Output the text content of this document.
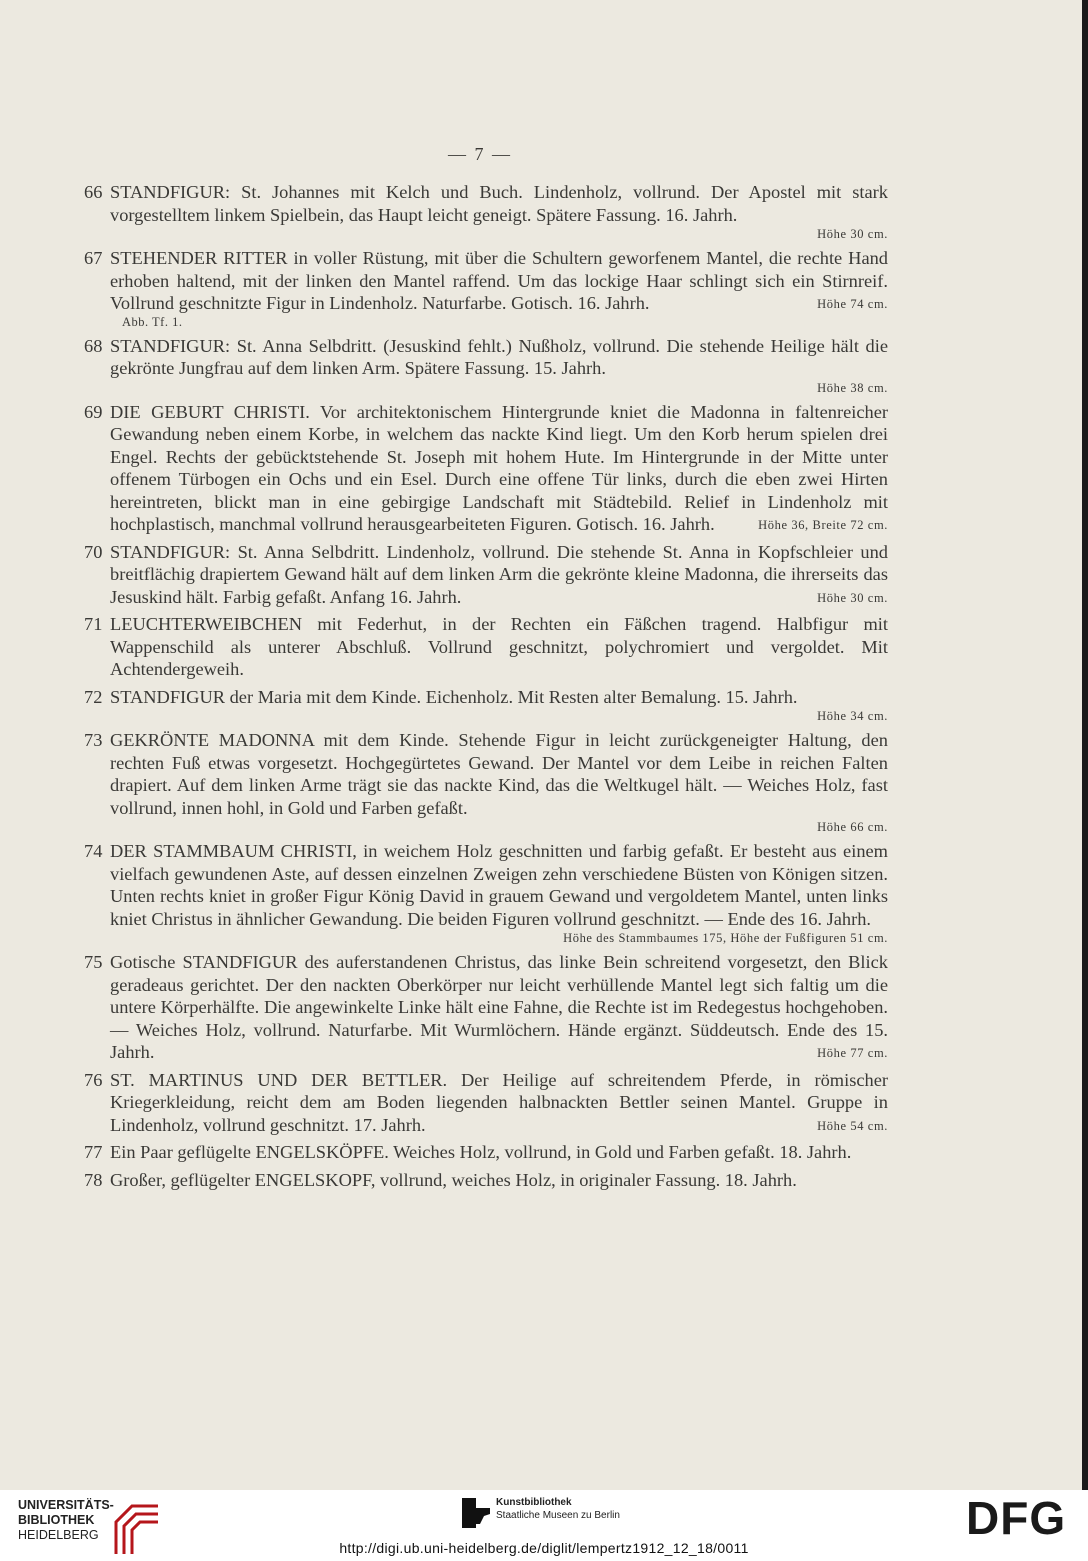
— 7 —
66 STANDFIGUR: St. Johannes mit Kelch und Buch. Lindenholz, vollrund. Der Apostel mit stark vorgestelltem linkem Spielbein, das Haupt leicht geneigt. Spätere Fassung. 16. Jahrh.
Höhe 30 cm.
67 STEHENDER RITTER in voller Rüstung, mit über die Schultern geworfenem Mantel, die rechte Hand erhoben haltend, mit der linken den Mantel raffend. Um das lockige Haar schlingt sich ein Stirnreif. Vollrund geschnitzte Figur in Lindenholz. Naturfarbe. Gotisch. 16. Jahrh.	Höhe 74 cm.
Abb. Tf. 1.
68 STANDFIGUR: St. Anna Selbdritt. (Jesuskind fehlt.) Nußholz, vollrund. Die stehende Heilige hält die gekrönte Jungfrau auf dem linken Arm. Spätere Fassung. 15. Jahrh.
Höhe 38 cm.
69 DIE GEBURT CHRISTI. Vor architektonischem Hintergrunde kniet die Madonna in faltenreicher Gewandung neben einem Korbe, in welchem das nackte Kind liegt. Um den Korb herum spielen drei Engel. Rechts der gebücktstehende St. Joseph mit hohem Hute. Im Hintergrunde in der Mitte unter offenem Türbogen ein Ochs und ein Esel. Durch eine offene Tür links, durch die eben zwei Hirten hereintreten, blickt man in eine gebirgige Landschaft mit Städtebild. Relief in Lindenholz mit hochplastisch, manchmal vollrund herausgearbeiteten Figuren. Gotisch. 16. Jahrh.	Höhe 36, Breite 72 cm.
70 STANDFIGUR: St. Anna Selbdritt. Lindenholz, vollrund. Die stehende St. Anna in Kopfschleier und breitflächig drapiertem Gewand hält auf dem linken Arm die gekrönte kleine Madonna, die ihrerseits das Jesuskind hält. Farbig gefaßt. Anfang 16. Jahrh.	Höhe 30 cm.
71 LEUCHTERWEIBCHEN mit Federhut, in der Rechten ein Fäßchen tragend. Halbfigur mit Wappenschild als unterer Abschluß. Vollrund geschnitzt, polychromiert und vergoldet. Mit Achtendergeweih.
72 STANDFIGUR der Maria mit dem Kinde. Eichenholz. Mit Resten alter Bemalung. 15. Jahrh.
Höhe 34 cm.
73 GEKRÖNTE MADONNA mit dem Kinde. Stehende Figur in leicht zurückgeneigter Haltung, den rechten Fuß etwas vorgesetzt. Hochgegürtetes Gewand. Der Mantel vor dem Leibe in reichen Falten drapiert. Auf dem linken Arme trägt sie das nackte Kind, das die Weltkugel hält. — Weiches Holz, fast vollrund, innen hohl, in Gold und Farben gefaßt.
Höhe 66 cm.
74 DER STAMMBAUM CHRISTI, in weichem Holz geschnitten und farbig gefaßt. Er besteht aus einem vielfach gewundenen Aste, auf dessen einzelnen Zweigen zehn verschiedene Büsten von Königen sitzen. Unten rechts kniet in großer Figur König David in grauem Gewand und vergoldetem Mantel, unten links kniet Christus in ähnlicher Gewandung. Die beiden Figuren vollrund geschnitzt. — Ende des 16. Jahrh.
Höhe des Stammbaumes 175, Höhe der Fußfiguren 51 cm.
75 Gotische STANDFIGUR des auferstandenen Christus, das linke Bein schreitend vorgesetzt, den Blick geradeaus gerichtet. Der den nackten Oberkörper nur leicht verhüllende Mantel legt sich faltig um die untere Körperhälfte. Die angewinkelte Linke hält eine Fahne, die Rechte ist im Redegestus hochgehoben. — Weiches Holz, vollrund. Naturfarbe. Mit Wurmlöchern. Hände ergänzt. Süddeutsch. Ende des 15. Jahrh.	Höhe 77 cm.
76 ST. MARTINUS UND DER BETTLER. Der Heilige auf schreitendem Pferde, in römischer Kriegerkleidung, reicht dem am Boden liegenden halbnackten Bettler seinen Mantel. Gruppe in Lindenholz, vollrund geschnitzt. 17. Jahrh.	Höhe 54 cm.
77 Ein Paar geflügelte ENGELSKÖPFE. Weiches Holz, vollrund, in Gold und Farben gefaßt. 18. Jahrh.
78 Großer, geflügelter ENGELSKOPF, vollrund, weiches Holz, in originaler Fassung. 18. Jahrh.
UNIVERSITÄTS-
BIBLIOTHEK
HEIDELBERG
Kunstbibliothek
Staatliche Museen zu Berlin
http://digi.ub.uni-heidelberg.de/diglit/lempertz1912_12_18/0011
DFG
